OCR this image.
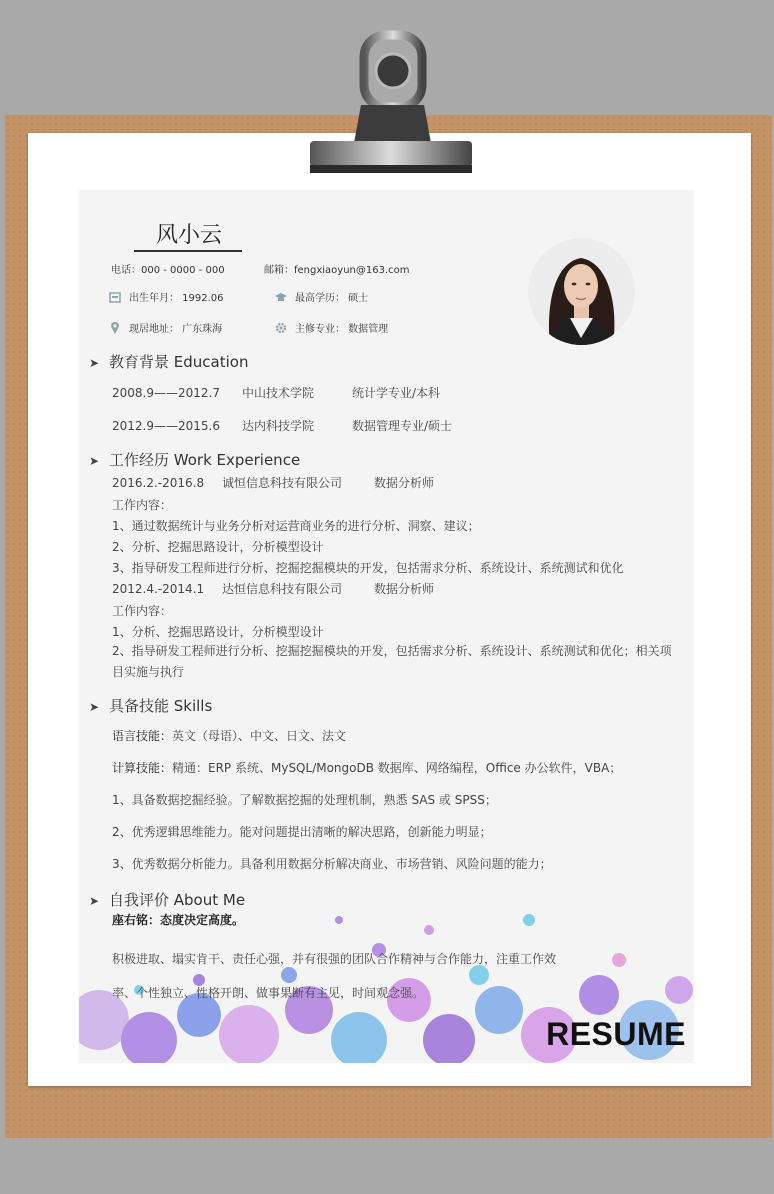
风小云
电话：000 - 0000 - 000	邮箱：fengxiaoyun@163.com
出生年月： 1992.06	最高学历： 硕士
现居地址： 广东珠海	主修专业： 数据管理
➤ 教育背景 Education
2008.9——2012.7 中山技术学院	统计学专业/本科
2012.9——2015.6 达内科技学院	数据管理专业/硕士
➤ 工作经历 Work Experience
2016.2.-2016.8 诚恒信息科技有限公司	数据分析师
工作内容：
1、通过数据统计与业务分析对运营商业务的进行分析、洞察、建议；
2、分析、挖掘思路设计，分析模型设计
3、指导研发工程师进行分析、挖掘挖掘模块的开发，包括需求分析、系统设计、系统测试和优化
2012.4.-2014.1 达恒信息科技有限公司	数据分析师
工作内容：
1、分析、挖掘思路设计，分析模型设计
2、指导研发工程师进行分析、挖掘挖掘模块的开发，包括需求分析、系统设计、系统测试和优化；相关项目实施与执行
➤ 具备技能 Skills
语言技能：英文（母语）、中文、日文、法文
计算技能：精通：ERP 系统、MySQL/MongoDB 数据库、网络编程，Office 办公软件，VBA；
1、具备数据挖掘经验。了解数据挖掘的处理机制，熟悉 SAS 或 SPSS；
2、优秀逻辑思维能力。能对问题提出清晰的解决思路，创新能力明显；
3、优秀数据分析能力。具备利用数据分析解决商业、市场营销、风险问题的能力；
➤ 自我评价 About Me
座右铭：态度决定高度。
积极进取、塌实肯干、责任心强，并有很强的团队合作精神与合作能力，注重工作效率、个性独立、性格开朗、做事果断有主见，时间观念强。
RESUME
